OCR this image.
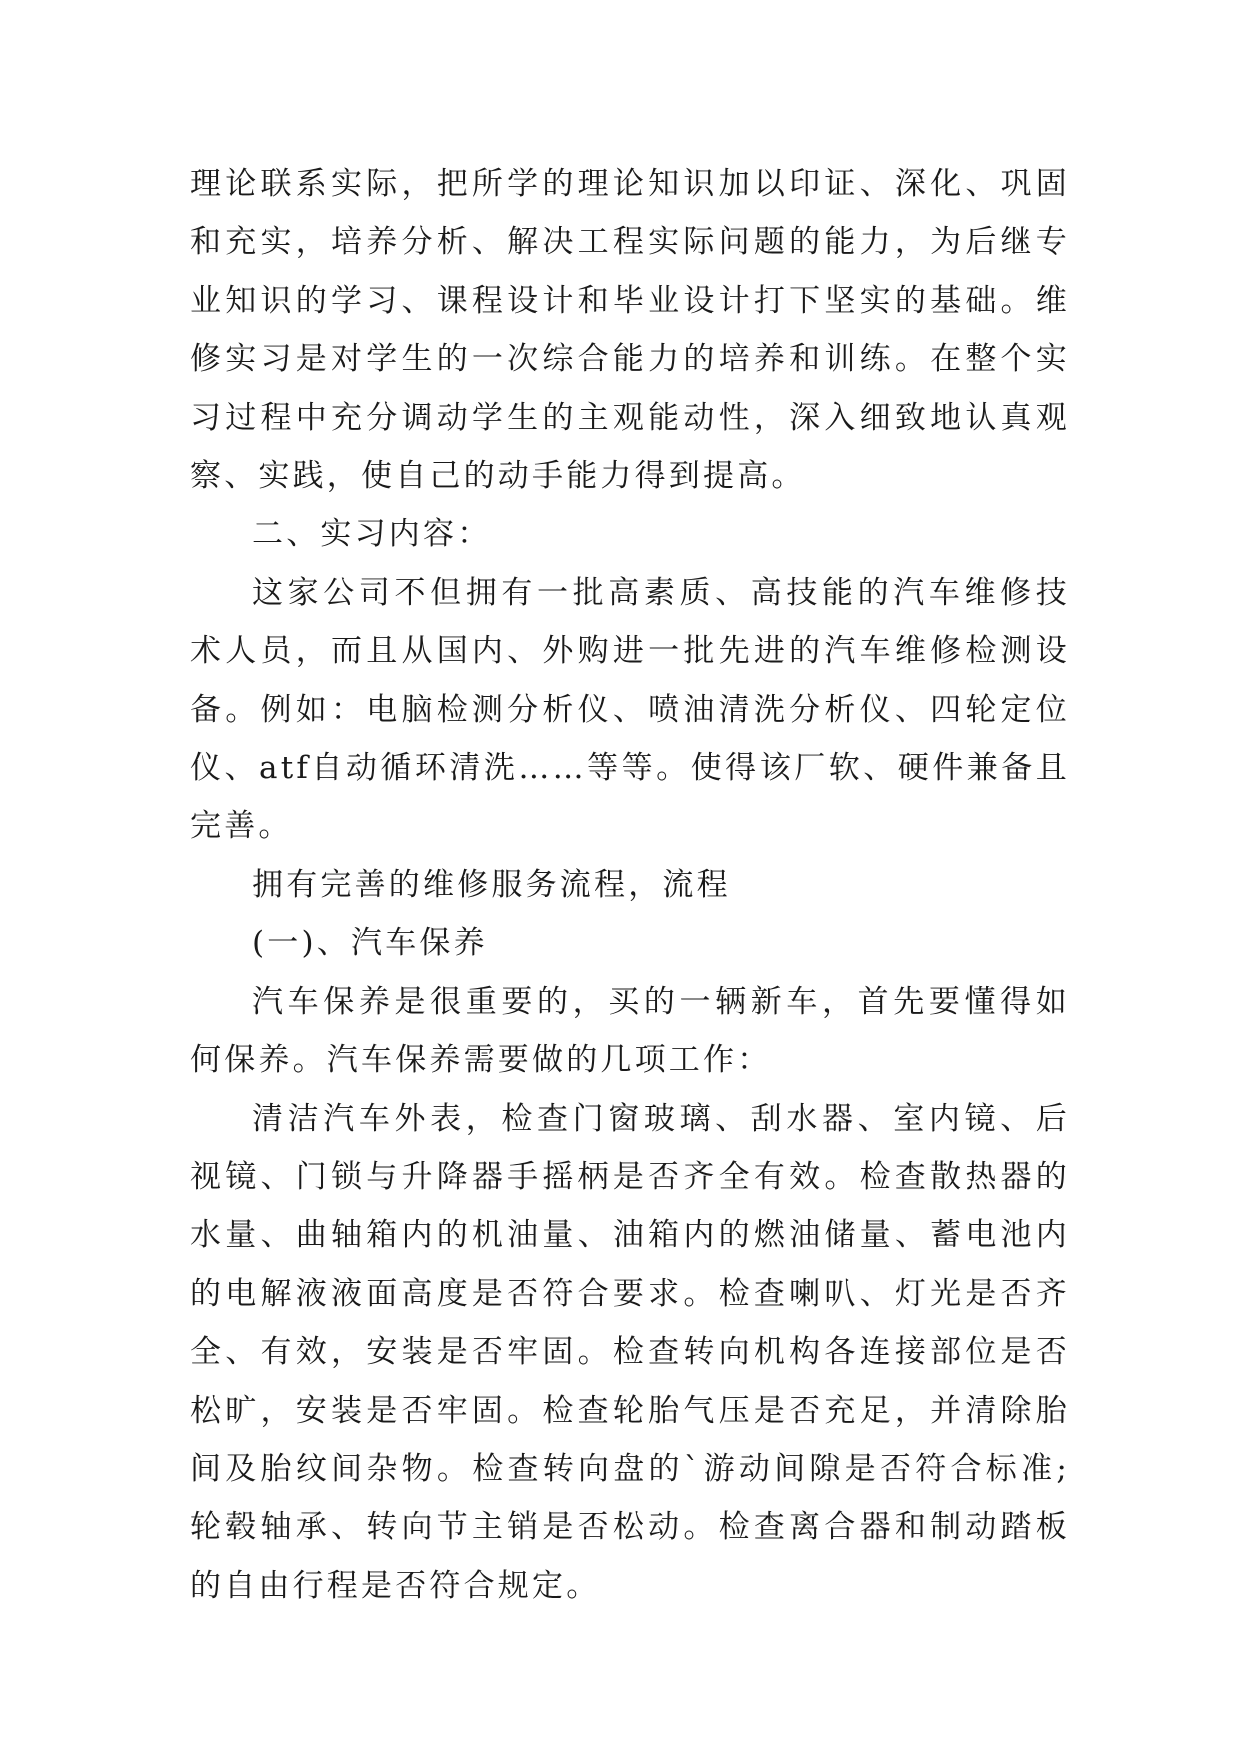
理论联系实际，把所学的理论知识加以印证、深化、巩固和充实，培养分析、解决工程实际问题的能力，为后继专业知识的学习、课程设计和毕业设计打下坚实的基础。维修实习是对学生的一次综合能力的培养和训练。在整个实习过程中充分调动学生的主观能动性，深入细致地认真观察、实践，使自己的动手能力得到提高。

二、实习内容：

这家公司不但拥有一批高素质、高技能的汽车维修技术人员，而且从国内、外购进一批先进的汽车维修检测设备。例如：电脑检测分析仪、喷油清洗分析仪、四轮定位仪、atf自动循环清洗……等等。使得该厂软、硬件兼备且完善。

拥有完善的维修服务流程，流程

(一)、汽车保养

汽车保养是很重要的，买的一辆新车，首先要懂得如何保养。汽车保养需要做的几项工作：

清洁汽车外表，检查门窗玻璃、刮水器、室内镜、后视镜、门锁与升降器手摇柄是否齐全有效。检查散热器的水量、曲轴箱内的机油量、油箱内的燃油储量、蓄电池内的电解液液面高度是否符合要求。检查喇叭、灯光是否齐全、有效，安装是否牢固。检查转向机构各连接部位是否松旷，安装是否牢固。检查轮胎气压是否充足，并清除胎间及胎纹间杂物。检查转向盘的`游动间隙是否符合标准;轮毂轴承、转向节主销是否松动。检查离合器和制动踏板的自由行程是否符合规定。
